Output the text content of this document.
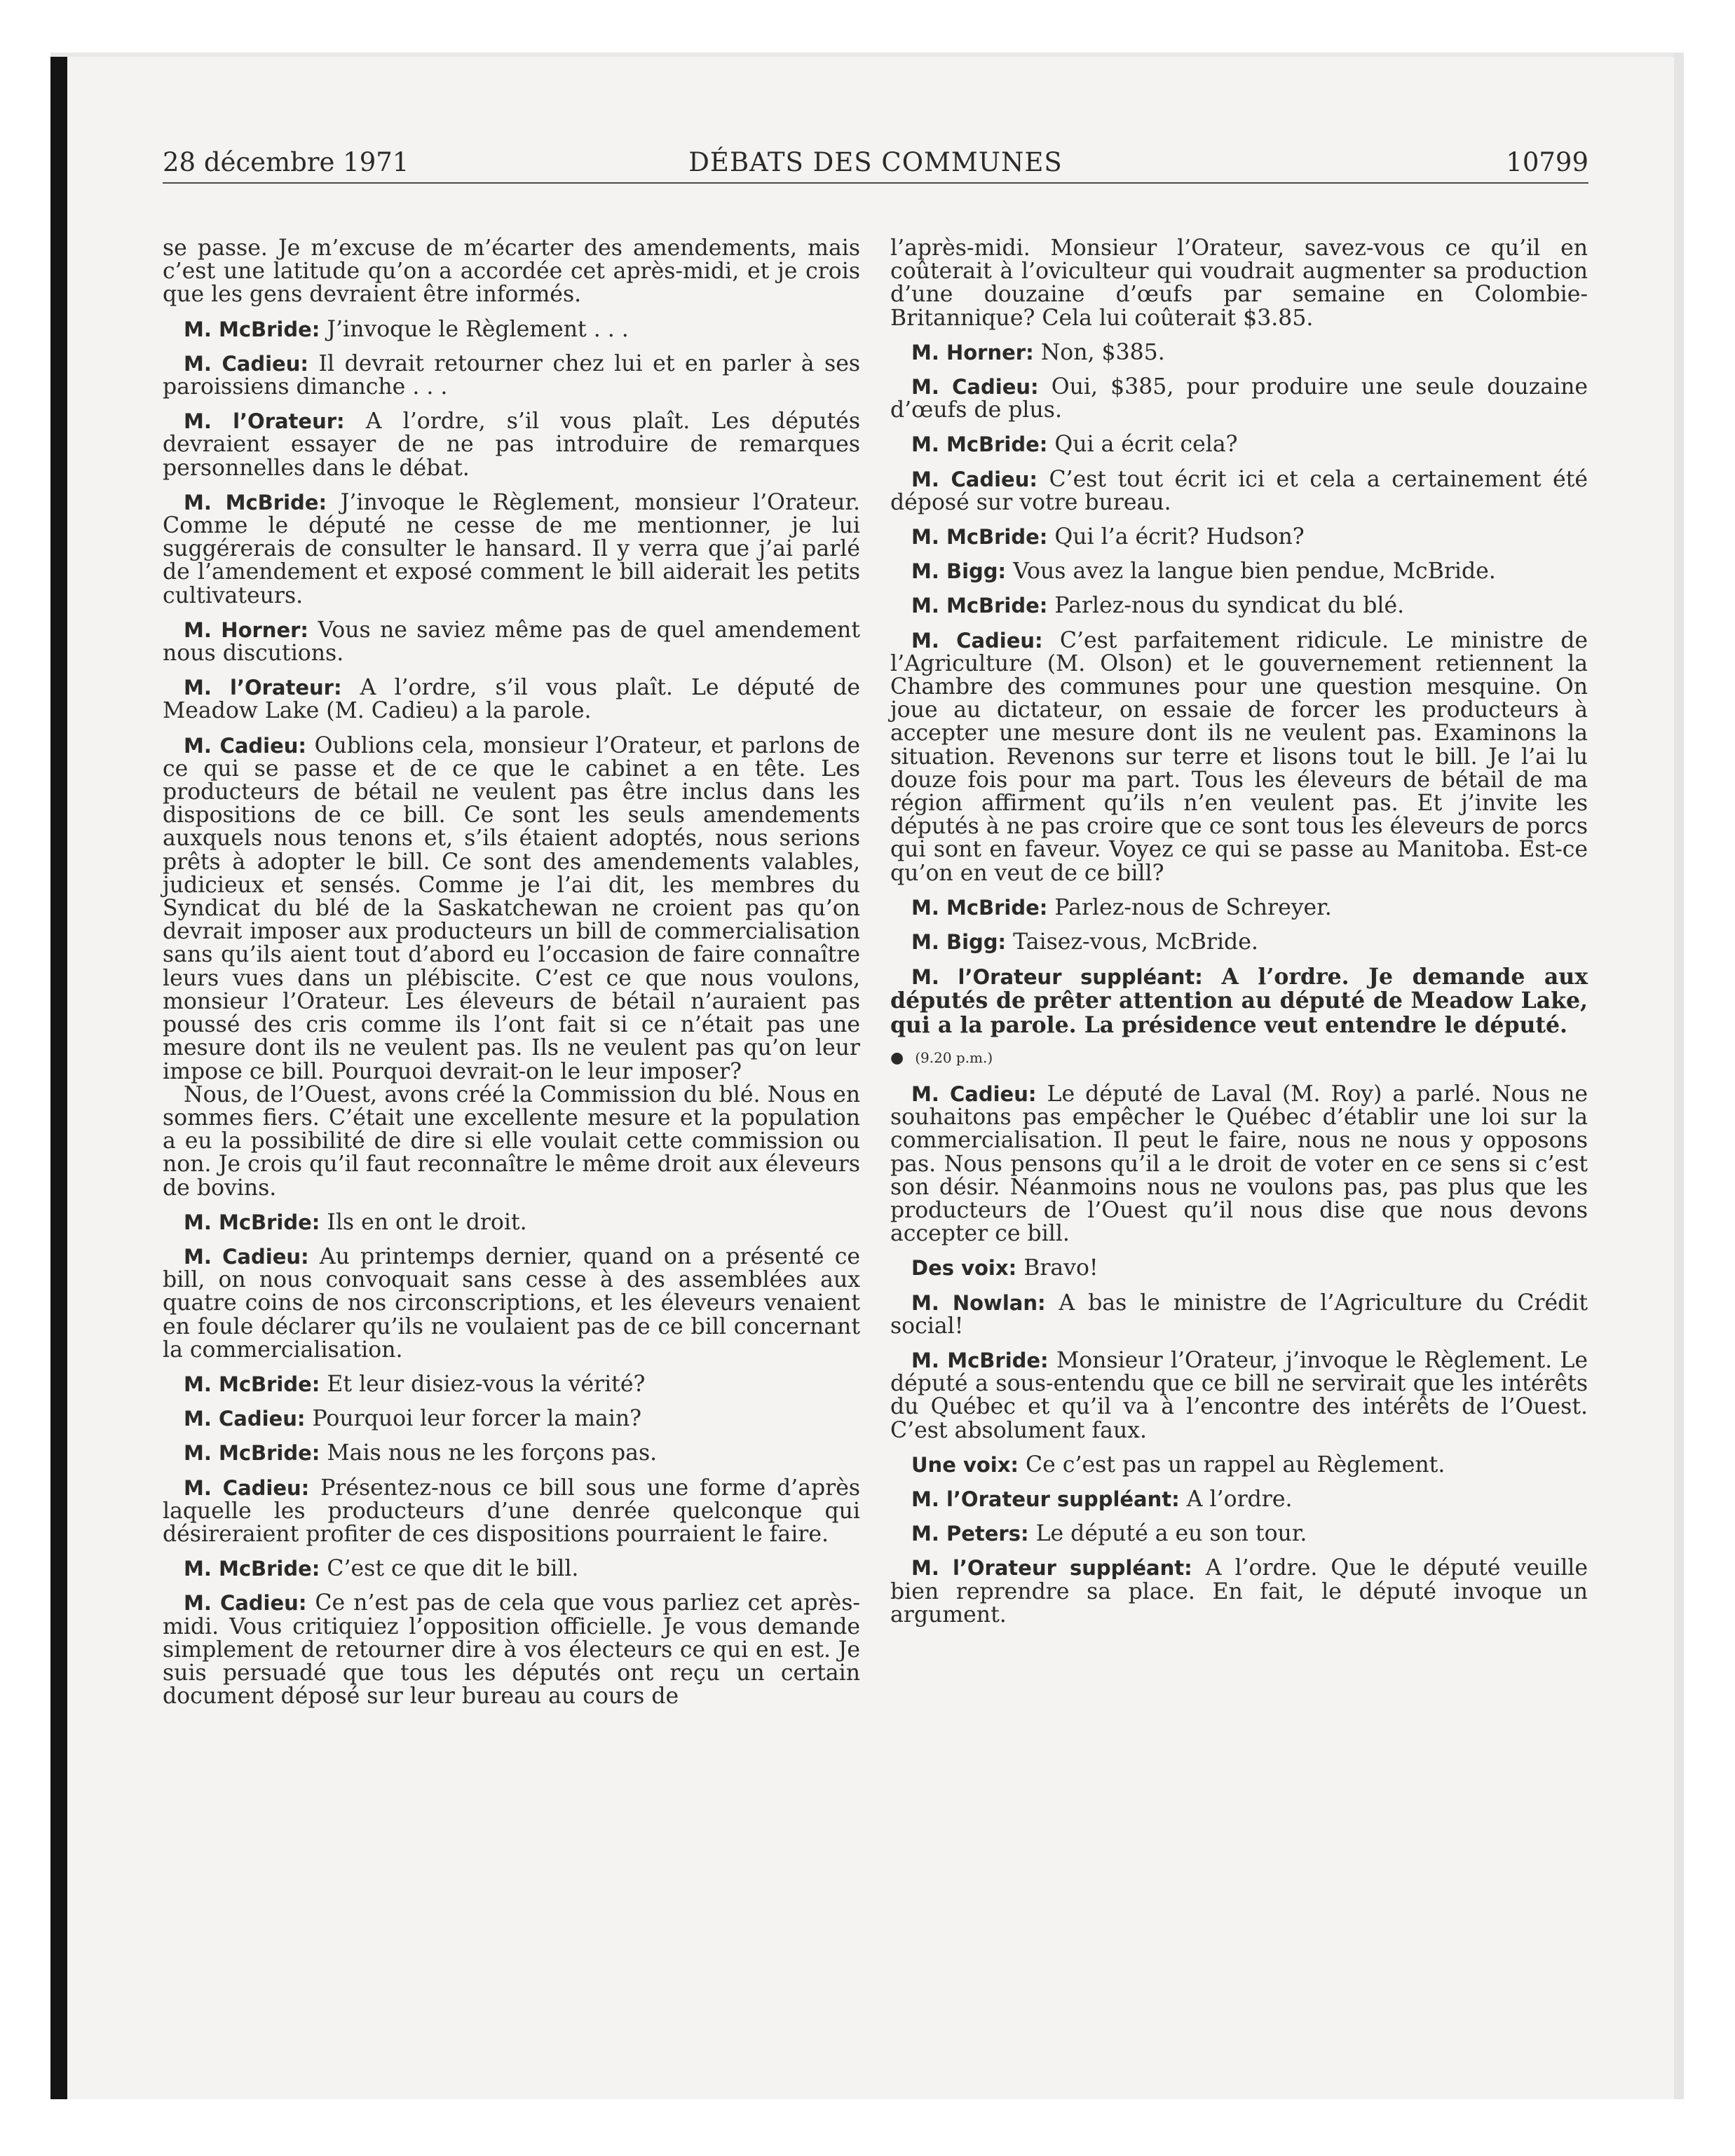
28 décembre 1971	DÉBATS DES COMMUNES	10799

se passe. Je m’excuse de m’écarter des amendements, mais c’est une latitude qu’on a accordée cet après-midi, et je crois que les gens devraient être informés.

M. McBride: J’invoque le Règlement . . .

M. Cadieu: Il devrait retourner chez lui et en parler à ses paroissiens dimanche . . .

M. l’Orateur: A l’ordre, s’il vous plaît. Les députés devraient essayer de ne pas introduire de remarques personnelles dans le débat.

M. McBride: J’invoque le Règlement, monsieur l’Orateur. Comme le député ne cesse de me mentionner, je lui suggérerais de consulter le hansard. Il y verra que j’ai parlé de l’amendement et exposé comment le bill aiderait les petits cultivateurs.

M. Horner: Vous ne saviez même pas de quel amendement nous discutions.

M. l’Orateur: A l’ordre, s’il vous plaît. Le député de Meadow Lake (M. Cadieu) a la parole.

M. Cadieu: Oublions cela, monsieur l’Orateur, et parlons de ce qui se passe et de ce que le cabinet a en tête. Les producteurs de bétail ne veulent pas être inclus dans les dispositions de ce bill. Ce sont les seuls amendements auxquels nous tenons et, s’ils étaient adoptés, nous serions prêts à adopter le bill. Ce sont des amendements valables, judicieux et sensés. Comme je l’ai dit, les membres du Syndicat du blé de la Saskatchewan ne croient pas qu’on devrait imposer aux producteurs un bill de commercialisation sans qu’ils aient tout d’abord eu l’occasion de faire connaître leurs vues dans un plébiscite. C’est ce que nous voulons, monsieur l’Orateur. Les éleveurs de bétail n’auraient pas poussé des cris comme ils l’ont fait si ce n’était pas une mesure dont ils ne veulent pas. Ils ne veulent pas qu’on leur impose ce bill. Pourquoi devrait-on le leur imposer?

Nous, de l’Ouest, avons créé la Commission du blé. Nous en sommes fiers. C’était une excellente mesure et la population a eu la possibilité de dire si elle voulait cette commission ou non. Je crois qu’il faut reconnaître le même droit aux éleveurs de bovins.

M. McBride: Ils en ont le droit.

M. Cadieu: Au printemps dernier, quand on a présenté ce bill, on nous convoquait sans cesse à des assemblées aux quatre coins de nos circonscriptions, et les éleveurs venaient en foule déclarer qu’ils ne voulaient pas de ce bill concernant la commercialisation.

M. McBride: Et leur disiez-vous la vérité?

M. Cadieu: Pourquoi leur forcer la main?

M. McBride: Mais nous ne les forçons pas.

M. Cadieu: Présentez-nous ce bill sous une forme d’après laquelle les producteurs d’une denrée quelconque qui désireraient profiter de ces dispositions pourraient le faire.

M. McBride: C’est ce que dit le bill.

M. Cadieu: Ce n’est pas de cela que vous parliez cet après-midi. Vous critiquiez l’opposition officielle. Je vous demande simplement de retourner dire à vos électeurs ce qui en est. Je suis persuadé que tous les députés ont reçu un certain document déposé sur leur bureau au cours de

l’après-midi. Monsieur l’Orateur, savez-vous ce qu’il en coûterait à l’oviculteur qui voudrait augmenter sa production d’une douzaine d’œufs par semaine en Colombie-Britannique? Cela lui coûterait $3.85.

M. Horner: Non, $385.

M. Cadieu: Oui, $385, pour produire une seule douzaine d’œufs de plus.

M. McBride: Qui a écrit cela?

M. Cadieu: C’est tout écrit ici et cela a certainement été déposé sur votre bureau.

M. McBride: Qui l’a écrit? Hudson?

M. Bigg: Vous avez la langue bien pendue, McBride.

M. McBride: Parlez-nous du syndicat du blé.

M. Cadieu: C’est parfaitement ridicule. Le ministre de l’Agriculture (M. Olson) et le gouvernement retiennent la Chambre des communes pour une question mesquine. On joue au dictateur, on essaie de forcer les producteurs à accepter une mesure dont ils ne veulent pas. Examinons la situation. Revenons sur terre et lisons tout le bill. Je l’ai lu douze fois pour ma part. Tous les éleveurs de bétail de ma région affirment qu’ils n’en veulent pas. Et j’invite les députés à ne pas croire que ce sont tous les éleveurs de porcs qui sont en faveur. Voyez ce qui se passe au Manitoba. Est-ce qu’on en veut de ce bill?

M. McBride: Parlez-nous de Schreyer.

M. Bigg: Taisez-vous, McBride.

M. l’Orateur suppléant: A l’ordre. Je demande aux députés de prêter attention au député de Meadow Lake, qui a la parole. La présidence veut entendre le député.

● (9.20 p.m.)

M. Cadieu: Le député de Laval (M. Roy) a parlé. Nous ne souhaitons pas empêcher le Québec d’établir une loi sur la commercialisation. Il peut le faire, nous ne nous y opposons pas. Nous pensons qu’il a le droit de voter en ce sens si c’est son désir. Néanmoins nous ne voulons pas, pas plus que les producteurs de l’Ouest qu’il nous dise que nous devons accepter ce bill.

Des voix: Bravo!

M. Nowlan: A bas le ministre de l’Agriculture du Crédit social!

M. McBride: Monsieur l’Orateur, j’invoque le Règlement. Le député a sous-entendu que ce bill ne servirait que les intérêts du Québec et qu’il va à l’encontre des intérêts de l’Ouest. C’est absolument faux.

Une voix: Ce c’est pas un rappel au Règlement.

M. l’Orateur suppléant: A l’ordre.

M. Peters: Le député a eu son tour.

M. l’Orateur suppléant: A l’ordre. Que le député veuille bien reprendre sa place. En fait, le député invoque un argument.
